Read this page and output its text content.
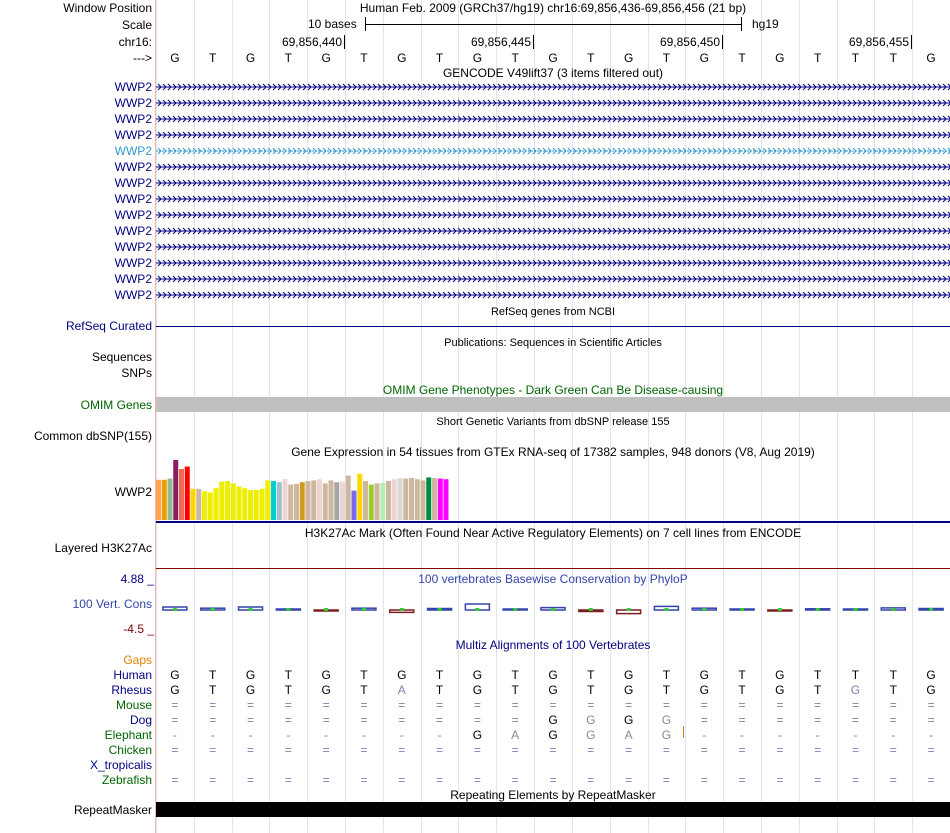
Window Position	Human Feb. 2009 (GRCh37/hg19) chr16:69,856,436-69,856,456 (21 bp)
Scale	10 bases	hg19
chr16:	69,856,440	69,856,445	69,856,450	69,856,455
--->	G	T	G	T	G	T	G	T	G	T	G	T	G	T	G	T	G	T	T	T	G
GENCODE V49lift37 (3 items filtered out)
WWP2
WWP2
WWP2
WWP2
WWP2
WWP2
WWP2
WWP2
WWP2
WWP2
WWP2
WWP2
WWP2
WWP2
RefSeq genes from NCBI
RefSeq Curated
Publications: Sequences in Scientific Articles
Sequences
SNPs
OMIM Gene Phenotypes - Dark Green Can Be Disease-causing
OMIM Genes
Short Genetic Variants from dbSNP release 155
Common dbSNP(155)
Gene Expression in 54 tissues from GTEx RNA-seq of 17382 samples, 948 donors (V8, Aug 2019)
WWP2
H3K27Ac Mark (Often Found Near Active Regulatory Elements) on 7 cell lines from ENCODE
Layered H3K27Ac
4.88 _	100 vertebrates Basewise Conservation by PhyloP
100 Vert. Cons
-4.5 _
Multiz Alignments of 100 Vertebrates
Gaps
Human	G	T	G	T	G	T	G	T	G	T	G	T	G	T	G	T	G	T	T	T	G
Rhesus	G	T	G	T	G	T	A	T	G	T	G	T	G	T	G	T	G	T	G	T	G
Mouse	=	=	=	=	=	=	=	=	=	=	=	=	=	=	=	=	=	=	=	=	=
Dog	=	=	=	=	=	=	=	=	=	=	G	G	G	G	=	=	=	=	=	=	=
Elephant	-	-	-	-	-	-	-	-	G	A	G	G	A	G	-	-	-	-	-	-	-
Chicken	=	=	=	=	=	=	=	=	=	=	=	=	=	=	=	=	=	=	=	=	=
X_tropicalis
Zebrafish	=	=	=	=	=	=	=	=	=	=	=	=	=	=	=	=	=	=	=	=	=
Repeating Elements by RepeatMasker
RepeatMasker
